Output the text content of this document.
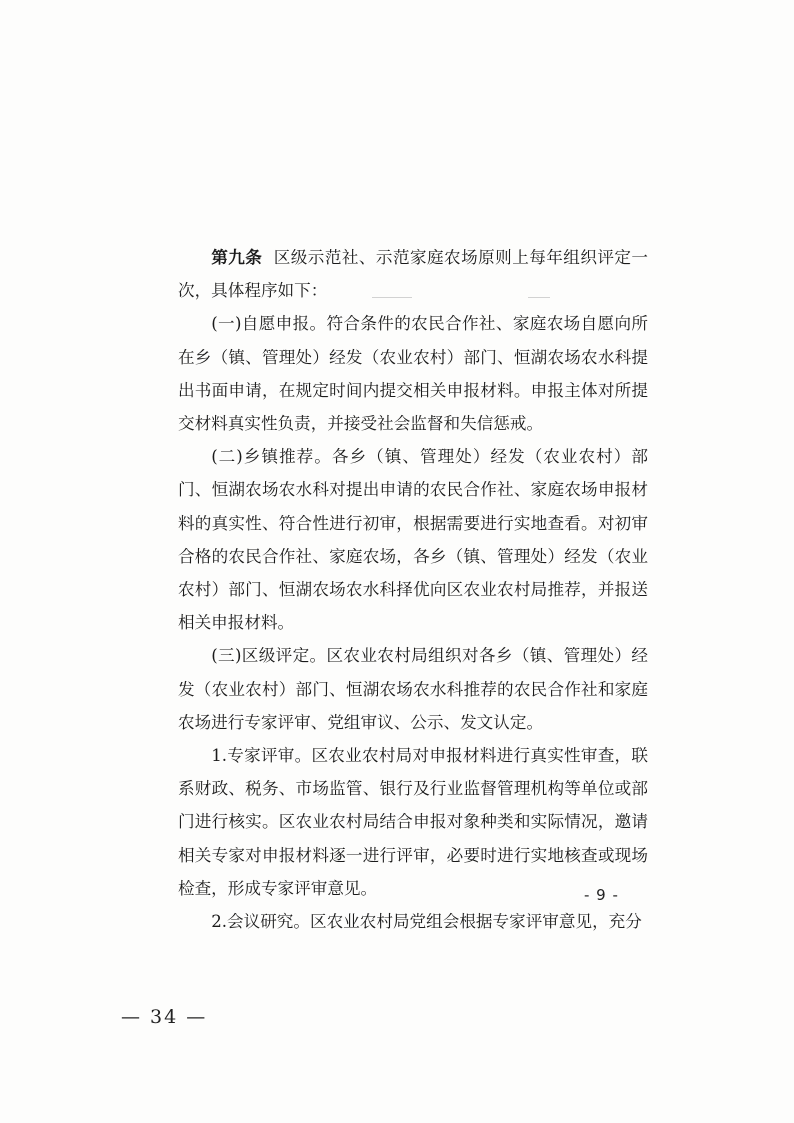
第九条 区级示范社、示范家庭农场原则上每年组织评定一次，具体程序如下：

(一)自愿申报。符合条件的农民合作社、家庭农场自愿向所在乡（镇、管理处）经发（农业农村）部门、恒湖农场农水科提出书面申请，在规定时间内提交相关申报材料。申报主体对所提交材料真实性负责，并接受社会监督和失信惩戒。

(二)乡镇推荐。各乡（镇、管理处）经发（农业农村）部门、恒湖农场农水科对提出申请的农民合作社、家庭农场申报材料的真实性、符合性进行初审，根据需要进行实地查看。对初审合格的农民合作社、家庭农场，各乡（镇、管理处）经发（农业农村）部门、恒湖农场农水科择优向区农业农村局推荐，并报送相关申报材料。

(三)区级评定。区农业农村局组织对各乡（镇、管理处）经发（农业农村）部门、恒湖农场农水科推荐的农民合作社和家庭农场进行专家评审、党组审议、公示、发文认定。

1.专家评审。区农业农村局对申报材料进行真实性审查，联系财政、税务、市场监管、银行及行业监督管理机构等单位或部门进行核实。区农业农村局结合申报对象种类和实际情况，邀请相关专家对申报材料逐一进行评审，必要时进行实地核查或现场检查，形成专家评审意见。

2.会议研究。区农业农村局党组会根据专家评审意见，充分

- 9 -
— 34 —
